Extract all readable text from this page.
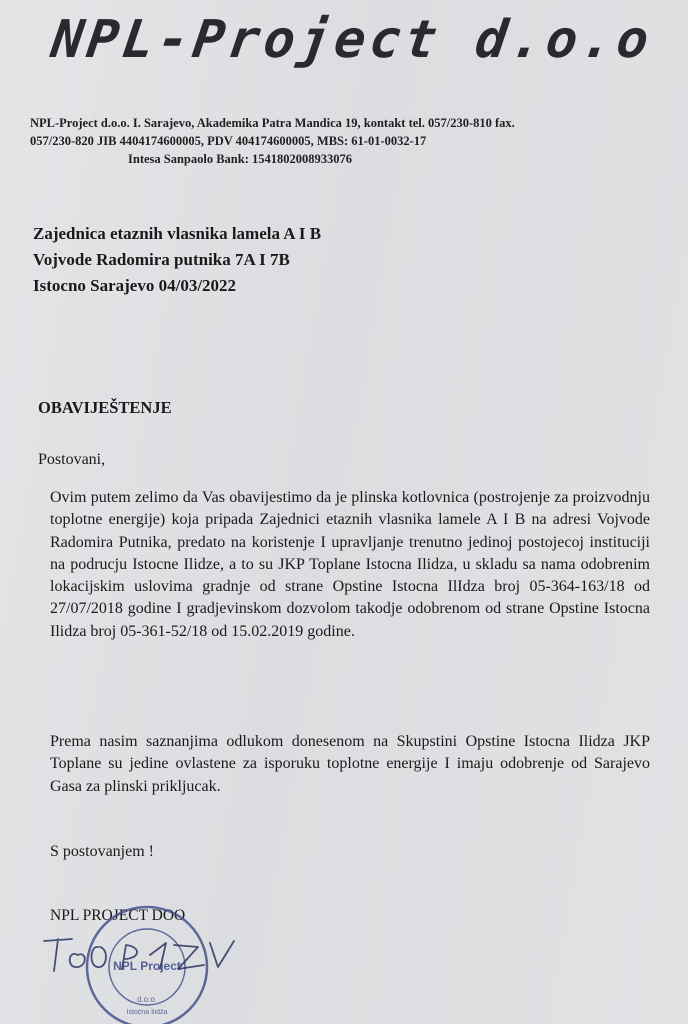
NPL-Project d.o.o
NPL-Project d.o.o. I. Sarajevo, Akademika Patra Mandica 19, kontakt tel. 057/230-810 fax.
057/230-820 JIB 4404174600005, PDV 404174600005, MBS: 61-01-0032-17
Intesa Sanpaolo Bank: 1541802008933076
Zajednica etaznih vlasnika lamela A I B
Vojvode Radomira putnika 7A I 7B
Istocno Sarajevo 04/03/2022
OBAVIJEŠTENJE
Postovani,
Ovim putem zelimo da Vas obavijestimo da je plinska kotlovnica (postrojenje za proizvodnju toplotne energije) koja pripada Zajednici etaznih vlasnika lamele A I B na adresi Vojvode Radomira Putnika, predato na koristenje I upravljanje trenutno jedinoj postojecoj instituciji na podrucju Istocne Ilidze, a to su JKP Toplane Istocna Ilidza, u skladu sa nama odobrenim lokacijskim uslovima gradnje od strane Opstine Istocna IlIdza broj 05-364-163/18 od 27/07/2018 godine I gradjevinskom dozvolom takodje odobrenom od strane Opstine Istocna Ilidza broj 05-361-52/18 od 15.02.2019 godine.
Prema nasim saznanjima odlukom donesenom na Skupstini Opstine Istocna Ilidza JKP Toplane su jedine ovlastene za isporuku toplotne energije I imaju odobrenje od Sarajevo Gasa za plinski prikljucak.
S postovanjem !
NPL PROJECT DOO
NPL Project
d.o.o.
Istočna Ilidža
